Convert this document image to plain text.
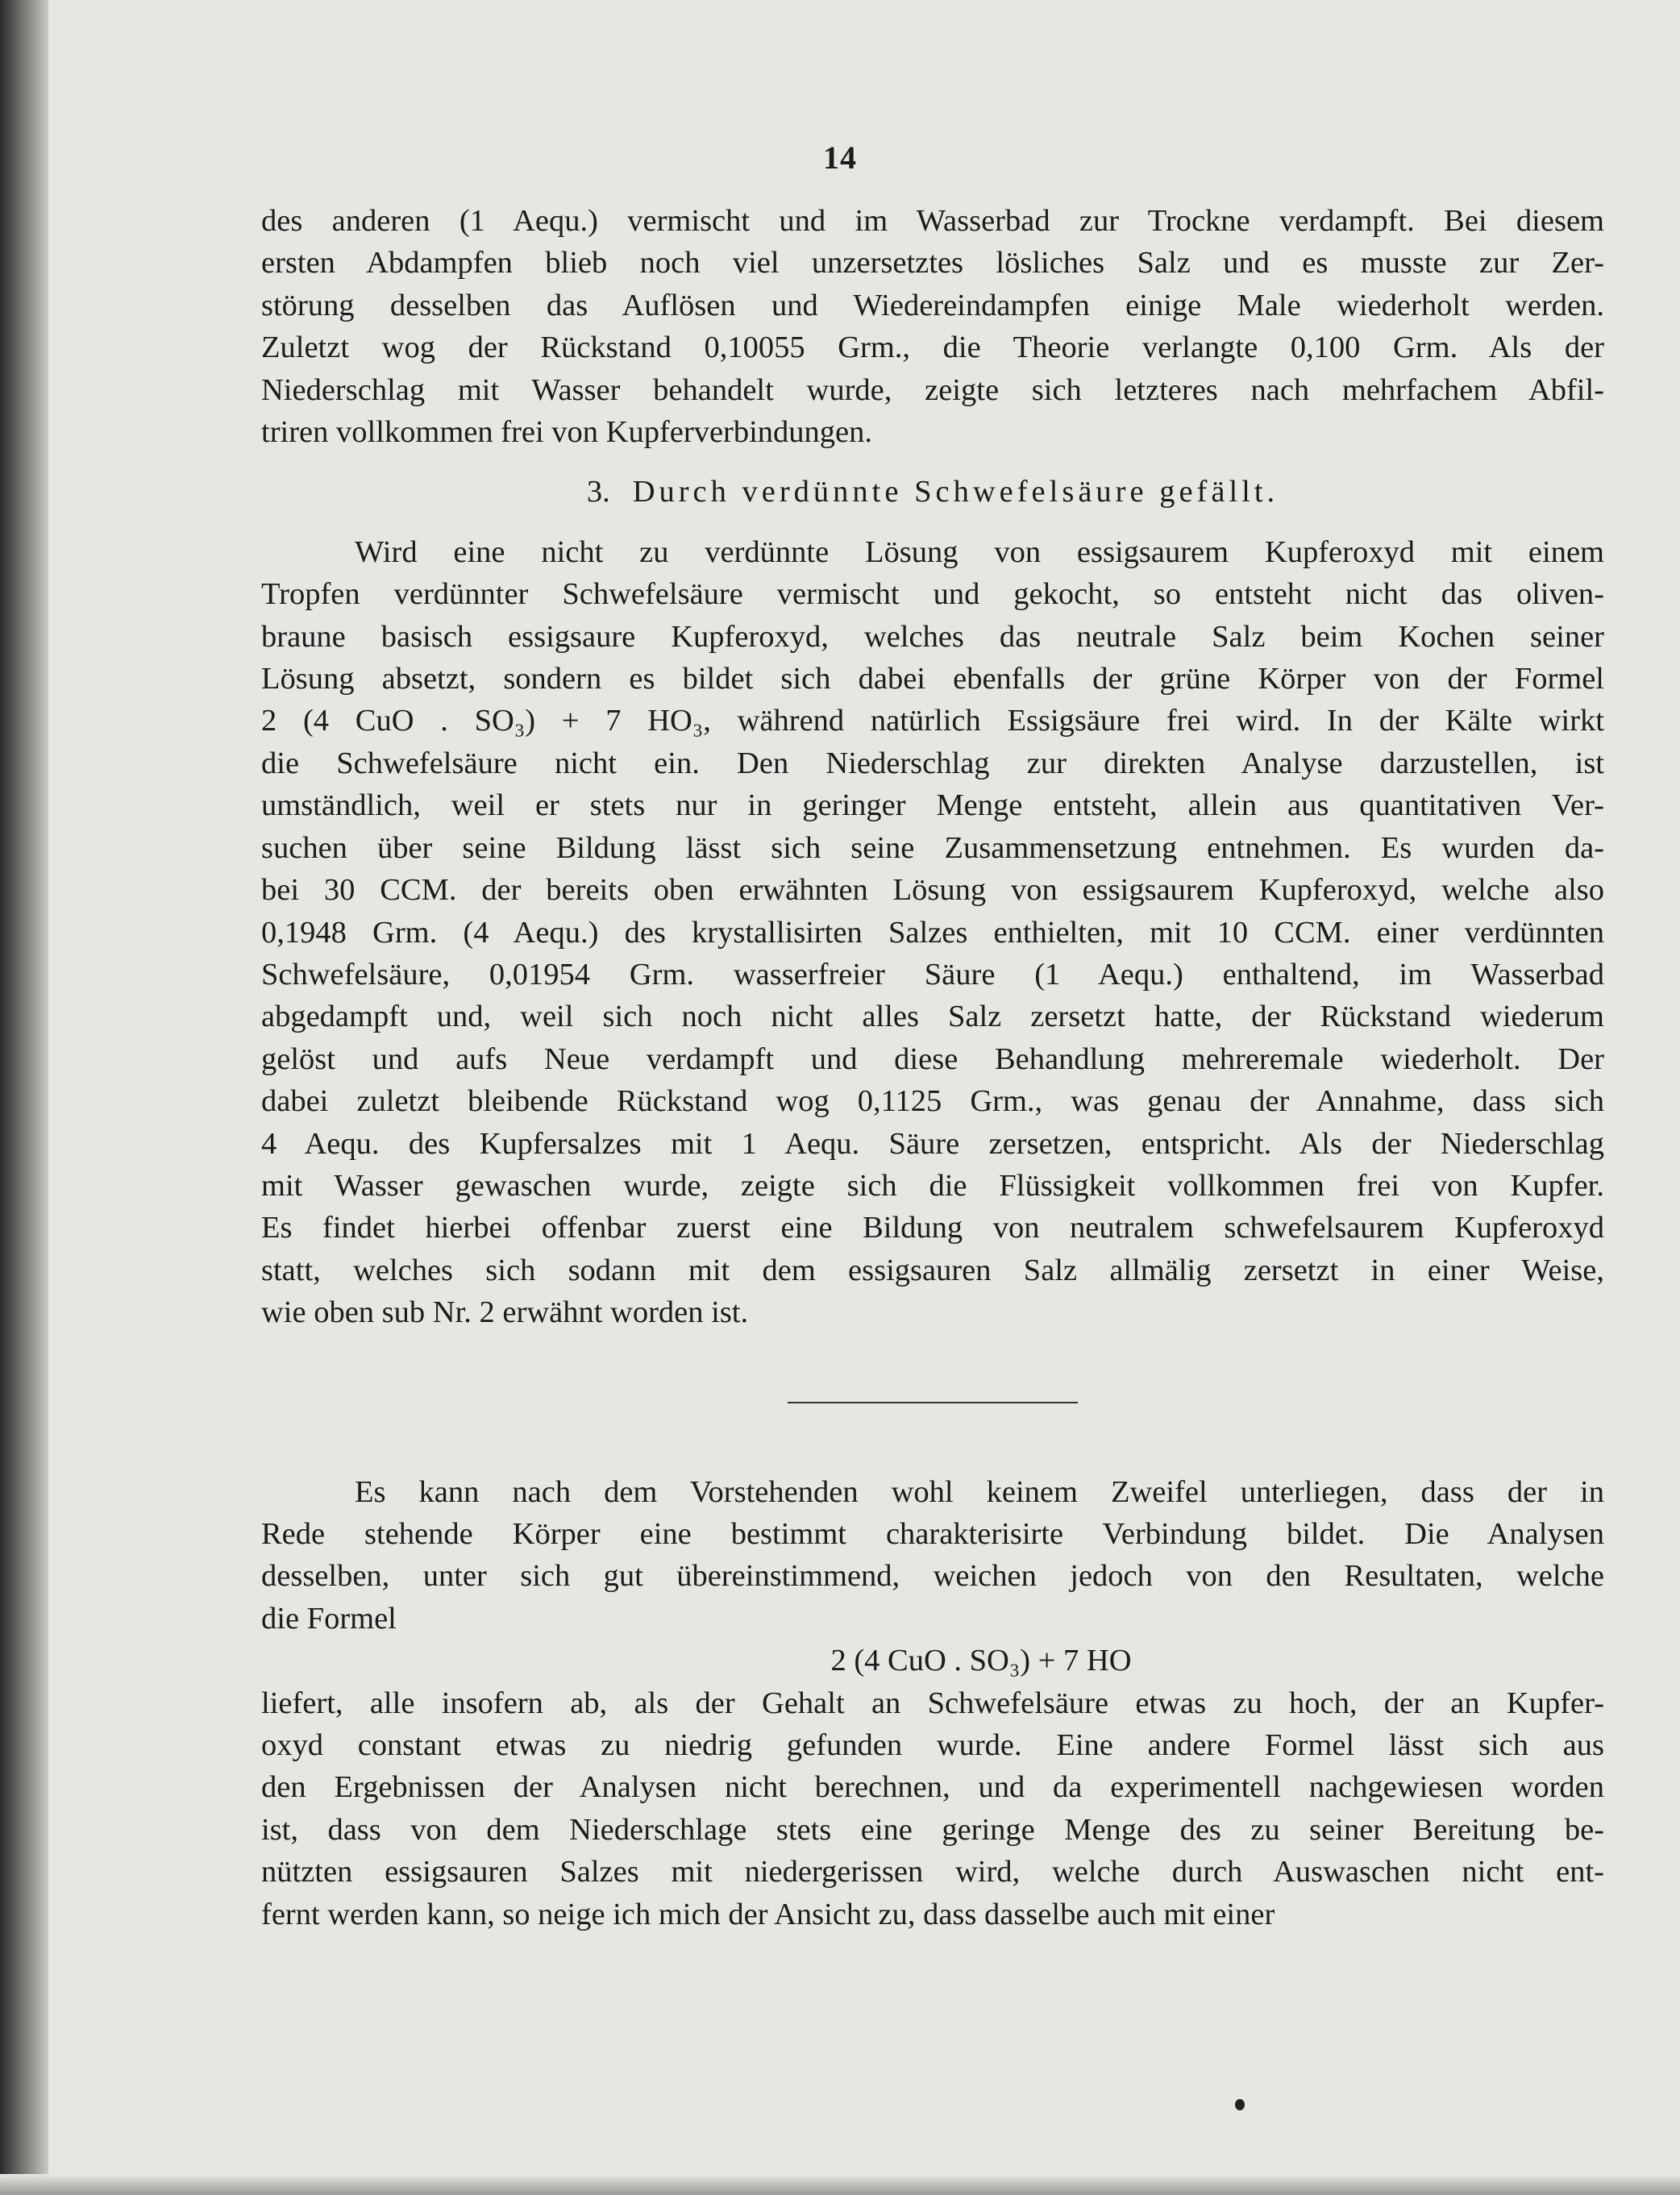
14
des anderen (1 Aequ.) vermischt und im Wasserbad zur Trockne verdampft. Bei diesem
ersten Abdampfen blieb noch viel unzersetztes lösliches Salz und es musste zur Zer-
störung desselben das Auflösen und Wiedereindampfen einige Male wiederholt werden.
Zuletzt wog der Rückstand 0,10055 Grm., die Theorie verlangte 0,100 Grm. Als der
Niederschlag mit Wasser behandelt wurde, zeigte sich letzteres nach mehrfachem Abfil-
triren vollkommen frei von Kupferverbindungen.
3. Durch verdünnte Schwefelsäure gefällt.
Wird eine nicht zu verdünnte Lösung von essigsaurem Kupferoxyd mit einem
Tropfen verdünnter Schwefelsäure vermischt und gekocht, so entsteht nicht das oliven-
braune basisch essigsaure Kupferoxyd, welches das neutrale Salz beim Kochen seiner
Lösung absetzt, sondern es bildet sich dabei ebenfalls der grüne Körper von der Formel
2 (4 CuO . SO₃) + 7 HO₃, während natürlich Essigsäure frei wird. In der Kälte wirkt
die Schwefelsäure nicht ein. Den Niederschlag zur direkten Analyse darzustellen, ist
umständlich, weil er stets nur in geringer Menge entsteht, allein aus quantitativen Ver-
suchen über seine Bildung lässt sich seine Zusammensetzung entnehmen. Es wurden da-
bei 30 CCM. der bereits oben erwähnten Lösung von essigsaurem Kupferoxyd, welche also
0,1948 Grm. (4 Aequ.) des krystallisirten Salzes enthielten, mit 10 CCM. einer verdünnten
Schwefelsäure, 0,01954 Grm. wasserfreier Säure (1 Aequ.) enthaltend, im Wasserbad
abgedampft und, weil sich noch nicht alles Salz zersetzt hatte, der Rückstand wiederum
gelöst und aufs Neue verdampft und diese Behandlung mehreremale wiederholt. Der
dabei zuletzt bleibende Rückstand wog 0,1125 Grm., was genau der Annahme, dass sich
4 Aequ. des Kupfersalzes mit 1 Aequ. Säure zersetzen, entspricht. Als der Niederschlag
mit Wasser gewaschen wurde, zeigte sich die Flüssigkeit vollkommen frei von Kupfer.
Es findet hierbei offenbar zuerst eine Bildung von neutralem schwefelsaurem Kupferoxyd
statt, welches sich sodann mit dem essigsauren Salz allmälig zersetzt in einer Weise,
wie oben sub Nr. 2 erwähnt worden ist.
Es kann nach dem Vorstehenden wohl keinem Zweifel unterliegen, dass der in
Rede stehende Körper eine bestimmt charakterisirte Verbindung bildet. Die Analysen
desselben, unter sich gut übereinstimmend, weichen jedoch von den Resultaten, welche
die Formel
2 (4 CuO . SO₃) + 7 HO
liefert, alle insofern ab, als der Gehalt an Schwefelsäure etwas zu hoch, der an Kupfer-
oxyd constant etwas zu niedrig gefunden wurde. Eine andere Formel lässt sich aus
den Ergebnissen der Analysen nicht berechnen, und da experimentell nachgewiesen worden
ist, dass von dem Niederschlage stets eine geringe Menge des zu seiner Bereitung be-
nützten essigsauren Salzes mit niedergerissen wird, welche durch Auswaschen nicht ent-
fernt werden kann, so neige ich mich der Ansicht zu, dass dasselbe auch mit einer
